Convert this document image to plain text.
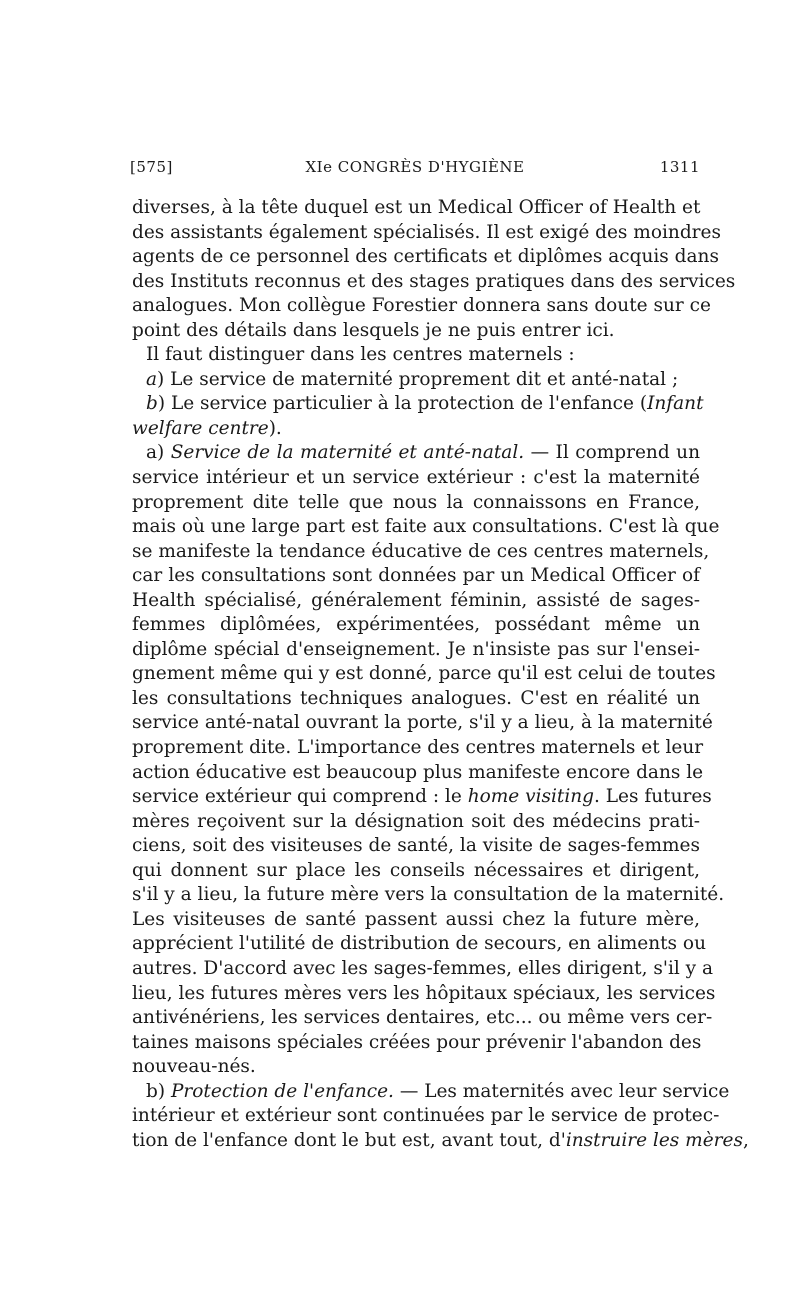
[575]	XIe CONGRÈS D'HYGIÈNE	1311
diverses, à la tête duquel est un Medical Officer of Health et
des assistants également spécialisés. Il est exigé des moindres
agents de ce personnel des certificats et diplômes acquis dans
des Instituts reconnus et des stages pratiques dans des services
analogues. Mon collègue Forestier donnera sans doute sur ce
point des détails dans lesquels je ne puis entrer ici.
Il faut distinguer dans les centres maternels :
a) Le service de maternité proprement dit et anté-natal ;
b) Le service particulier à la protection de l'enfance (Infant
welfare centre).
a) Service de la maternité et anté-natal. — Il comprend un
service intérieur et un service extérieur : c'est la maternité
proprement dite telle que nous la connaissons en France,
mais où une large part est faite aux consultations. C'est là que
se manifeste la tendance éducative de ces centres maternels,
car les consultations sont données par un Medical Officer of
Health spécialisé, généralement féminin, assisté de sages-
femmes diplômées, expérimentées, possédant même un
diplôme spécial d'enseignement. Je n'insiste pas sur l'ensei-
gnement même qui y est donné, parce qu'il est celui de toutes
les consultations techniques analogues. C'est en réalité un
service anté-natal ouvrant la porte, s'il y a lieu, à la maternité
proprement dite. L'importance des centres maternels et leur
action éducative est beaucoup plus manifeste encore dans le
service extérieur qui comprend : le home visiting. Les futures
mères reçoivent sur la désignation soit des médecins prati-
ciens, soit des visiteuses de santé, la visite de sages-femmes
qui donnent sur place les conseils nécessaires et dirigent,
s'il y a lieu, la future mère vers la consultation de la maternité.
Les visiteuses de santé passent aussi chez la future mère,
apprécient l'utilité de distribution de secours, en aliments ou
autres. D'accord avec les sages-femmes, elles dirigent, s'il y a
lieu, les futures mères vers les hôpitaux spéciaux, les services
antivénériens, les services dentaires, etc... ou même vers cer-
taines maisons spéciales créées pour prévenir l'abandon des
nouveau-nés.
b) Protection de l'enfance. — Les maternités avec leur service
intérieur et extérieur sont continuées par le service de protec-
tion de l'enfance dont le but est, avant tout, d'instruire les mères,
